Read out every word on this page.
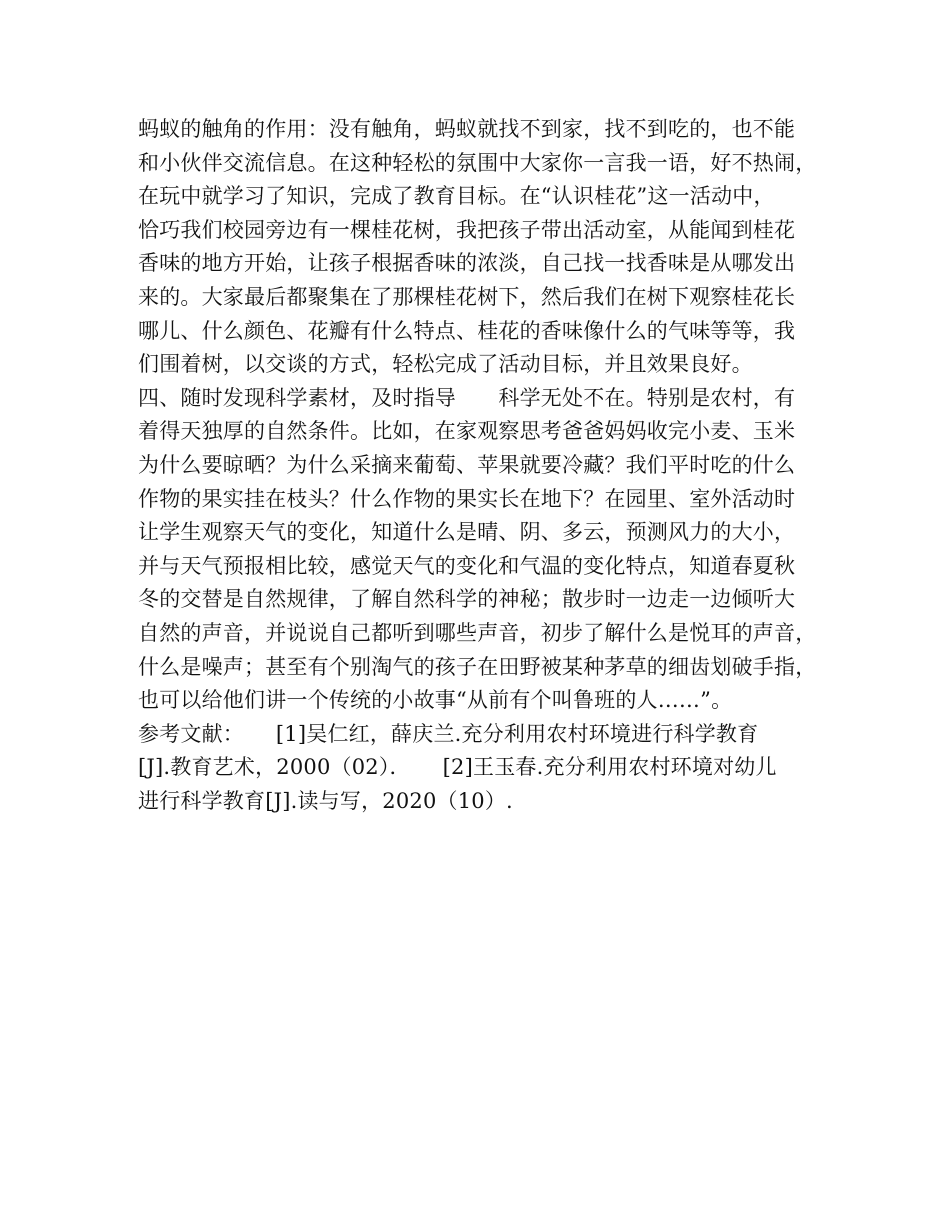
蚂蚁的触角的作用：没有触角，蚂蚁就找不到家，找不到吃的，也不能
和小伙伴交流信息。在这种轻松的氛围中大家你一言我一语，好不热闹，
在玩中就学习了知识，完成了教育目标。在“认识桂花”这一活动中，
恰巧我们校园旁边有一棵桂花树，我把孩子带出活动室，从能闻到桂花
香味的地方开始，让孩子根据香味的浓淡，自己找一找香味是从哪发出
来的。大家最后都聚集在了那棵桂花树下，然后我们在树下观察桂花长
哪儿、什么颜色、花瓣有什么特点、桂花的香味像什么的气味等等，我
们围着树，以交谈的方式，轻松完成了活动目标，并且效果良好。
四、随时发现科学素材，及时指导　　科学无处不在。特别是农村，有
着得天独厚的自然条件。比如，在家观察思考爸爸妈妈收完小麦、玉米
为什么要晾晒？为什么采摘来葡萄、苹果就要冷藏？我们平时吃的什么
作物的果实挂在枝头？什么作物的果实长在地下？在园里、室外活动时
让学生观察天气的变化，知道什么是晴、阴、多云，预测风力的大小，
并与天气预报相比较，感觉天气的变化和气温的变化特点，知道春夏秋
冬的交替是自然规律，了解自然科学的神秘；散步时一边走一边倾听大
自然的声音，并说说自己都听到哪些声音，初步了解什么是悦耳的声音，
什么是噪声；甚至有个别淘气的孩子在田野被某种茅草的细齿划破手指，
也可以给他们讲一个传统的小故事“从前有个叫鲁班的人……”。
参考文献：　　[1]吴仁红，薛庆兰.充分利用农村环境进行科学教育
[J].教育艺术，2000（02）．　　[2]王玉春.充分利用农村环境对幼儿
进行科学教育[J].读与写，2020（10）.
